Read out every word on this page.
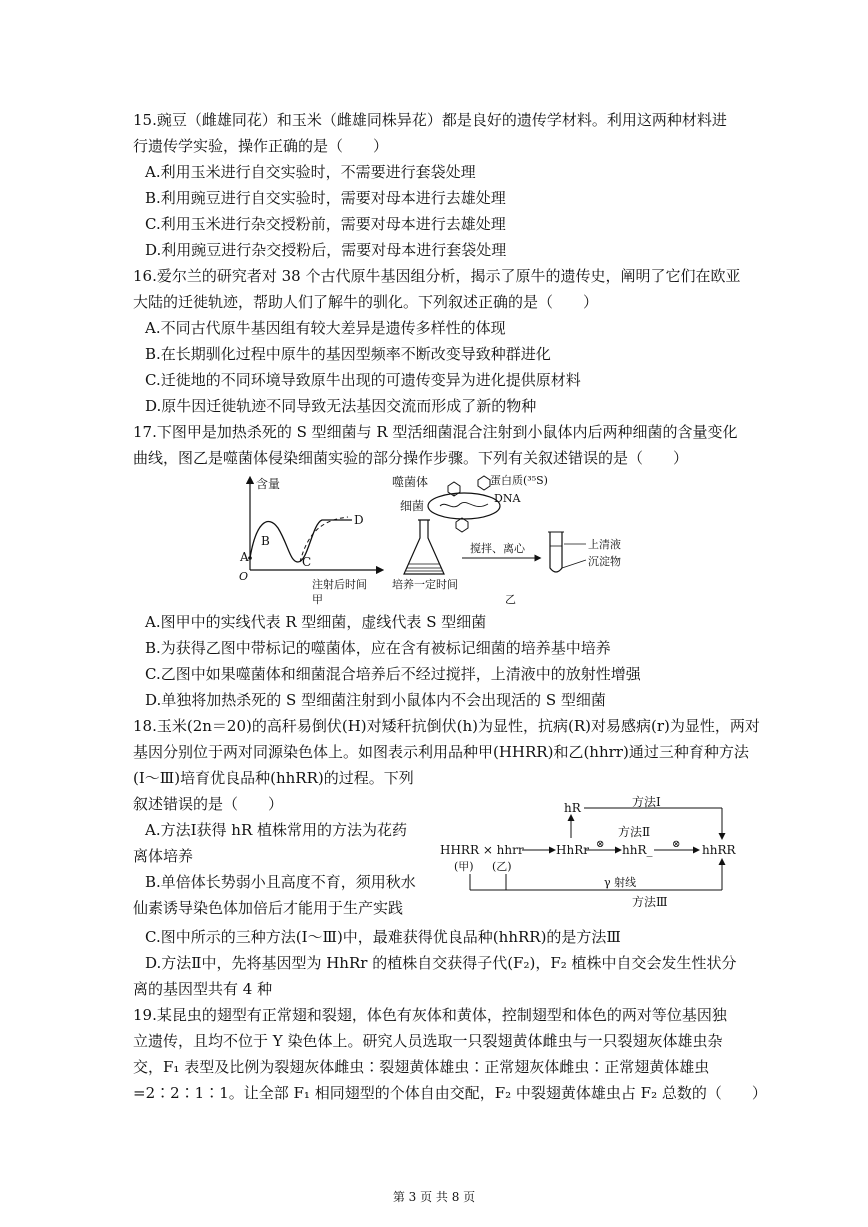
15.豌豆（雌雄同花）和玉米（雌雄同株异花）都是良好的遗传学材料。利用这两种材料进
行遗传学实验，操作正确的是（　　）
A.利用玉米进行自交实验时，不需要进行套袋处理
B.利用豌豆进行自交实验时，需要对母本进行去雄处理
C.利用玉米进行杂交授粉前，需要对母本进行去雄处理
D.利用豌豆进行杂交授粉后，需要对母本进行套袋处理
16.爱尔兰的研究者对 38 个古代原牛基因组分析，揭示了原牛的遗传史，阐明了它们在欧亚
大陆的迁徙轨迹，帮助人们了解牛的驯化。下列叙述正确的是（　　）
A.不同古代原牛基因组有较大差异是遗传多样性的体现
B.在长期驯化过程中原牛的基因型频率不断改变导致种群进化
C.迁徙地的不同环境导致原牛出现的可遗传变异为进化提供原材料
D.原牛因迁徙轨迹不同导致无法基因交流而形成了新的物种
17.下图甲是加热杀死的 S 型细菌与 R 型活细菌混合注射到小鼠体内后两种细菌的含量变化
曲线，图乙是噬菌体侵染细菌实验的部分操作步骤。下列有关叙述错误的是（　　）
含量
O
注射后时间
甲
A
B
C
D
噬菌体
细菌
蛋白质(³⁵S)
DNA
培养一定时间
搅拌、离心	上清液
沉淀物
乙
A.图甲中的实线代表 R 型细菌，虚线代表 S 型细菌
B.为获得乙图中带标记的噬菌体，应在含有被标记细菌的培养基中培养
C.乙图中如果噬菌体和细菌混合培养后不经过搅拌，上清液中的放射性增强
D.单独将加热杀死的 S 型细菌注射到小鼠体内不会出现活的 S 型细菌
18.玉米(2n＝20)的高秆易倒伏(H)对矮秆抗倒伏(h)为显性，抗病(R)对易感病(r)为显性，两对
基因分别位于两对同源染色体上。如图表示利用品种甲(HHRR)和乙(hhrr)通过三种育种方法
(Ⅰ～Ⅲ)培育优良品种(hhRR)的过程。下列
叙述错误的是（　　）
A.方法Ⅰ获得 hR 植株常用的方法为花药
离体培养
B.单倍体长势弱小且高度不育，须用秋水
仙素诱导染色体加倍后才能用于生产实践
hR	方法Ⅰ
方法Ⅱ
HHRR × hhrr	HhRr ⊗ hhR_ ⊗ hhRR
(甲) (乙)
γ 射线
方法Ⅲ
C.图中所示的三种方法(Ⅰ～Ⅲ)中，最难获得优良品种(hhRR)的是方法Ⅲ
D.方法Ⅱ中，先将基因型为 HhRr 的植株自交获得子代(F₂)，F₂ 植株中自交会发生性状分
离的基因型共有 4 种
19.某昆虫的翅型有正常翅和裂翅，体色有灰体和黄体，控制翅型和体色的两对等位基因独
立遗传，且均不位于 Y 染色体上。研究人员选取一只裂翅黄体雌虫与一只裂翅灰体雄虫杂
交，F₁ 表型及比例为裂翅灰体雌虫∶裂翅黄体雄虫∶正常翅灰体雌虫∶正常翅黄体雄虫
=2∶2∶1∶1。让全部 F₁ 相同翅型的个体自由交配，F₂ 中裂翅黄体雄虫占 F₂ 总数的（　　）
第 3 页 共 8 页
